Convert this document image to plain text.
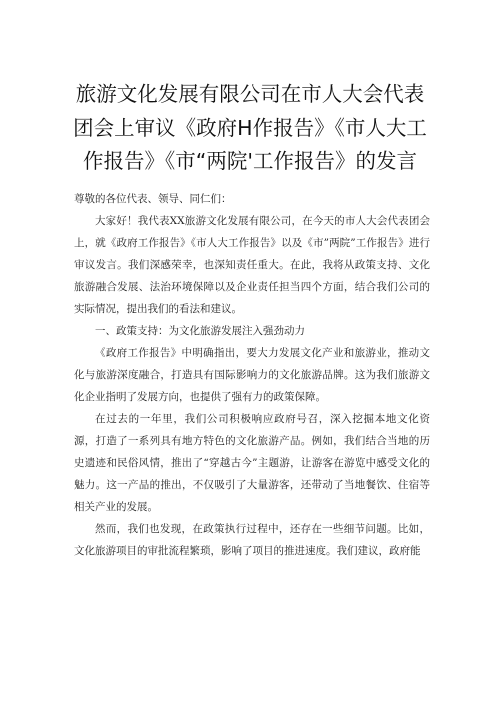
旅游文化发展有限公司在市人大会代表
团会上审议《政府H作报告》《市人大工
作报告》《市“两院'工作报告》的发言

尊敬的各位代表、领导、同仁们：

大家好！我代表XX旅游文化发展有限公司，在今天的市人大会代表团会上，就《政府工作报告》《市人大工作报告》以及《市”两院”工作报告》进行审议发言。我们深感荣幸，也深知责任重大。在此，我将从政策支持、文化旅游融合发展、法治环境保障以及企业责任担当四个方面，结合我们公司的实际情况，提出我们的看法和建议。

一、政策支持：为文化旅游发展注入强劲动力

《政府工作报告》中明确指出，要大力发展文化产业和旅游业，推动文化与旅游深度融合，打造具有国际影响力的文化旅游品牌。这为我们旅游文化企业指明了发展方向，也提供了强有力的政策保障。

在过去的一年里，我们公司积极响应政府号召，深入挖掘本地文化资源，打造了一系列具有地方特色的文化旅游产品。例如，我们结合当地的历史遗迹和民俗风情，推出了“穿越古今”主题游，让游客在游览中感受文化的魅力。这一产品的推出，不仅吸引了大量游客，还带动了当地餐饮、住宿等相关产业的发展。

然而，我们也发现，在政策执行过程中，还存在一些细节问题。比如，文化旅游项目的审批流程繁琐，影响了项目的推进速度。我们建议，政府能
